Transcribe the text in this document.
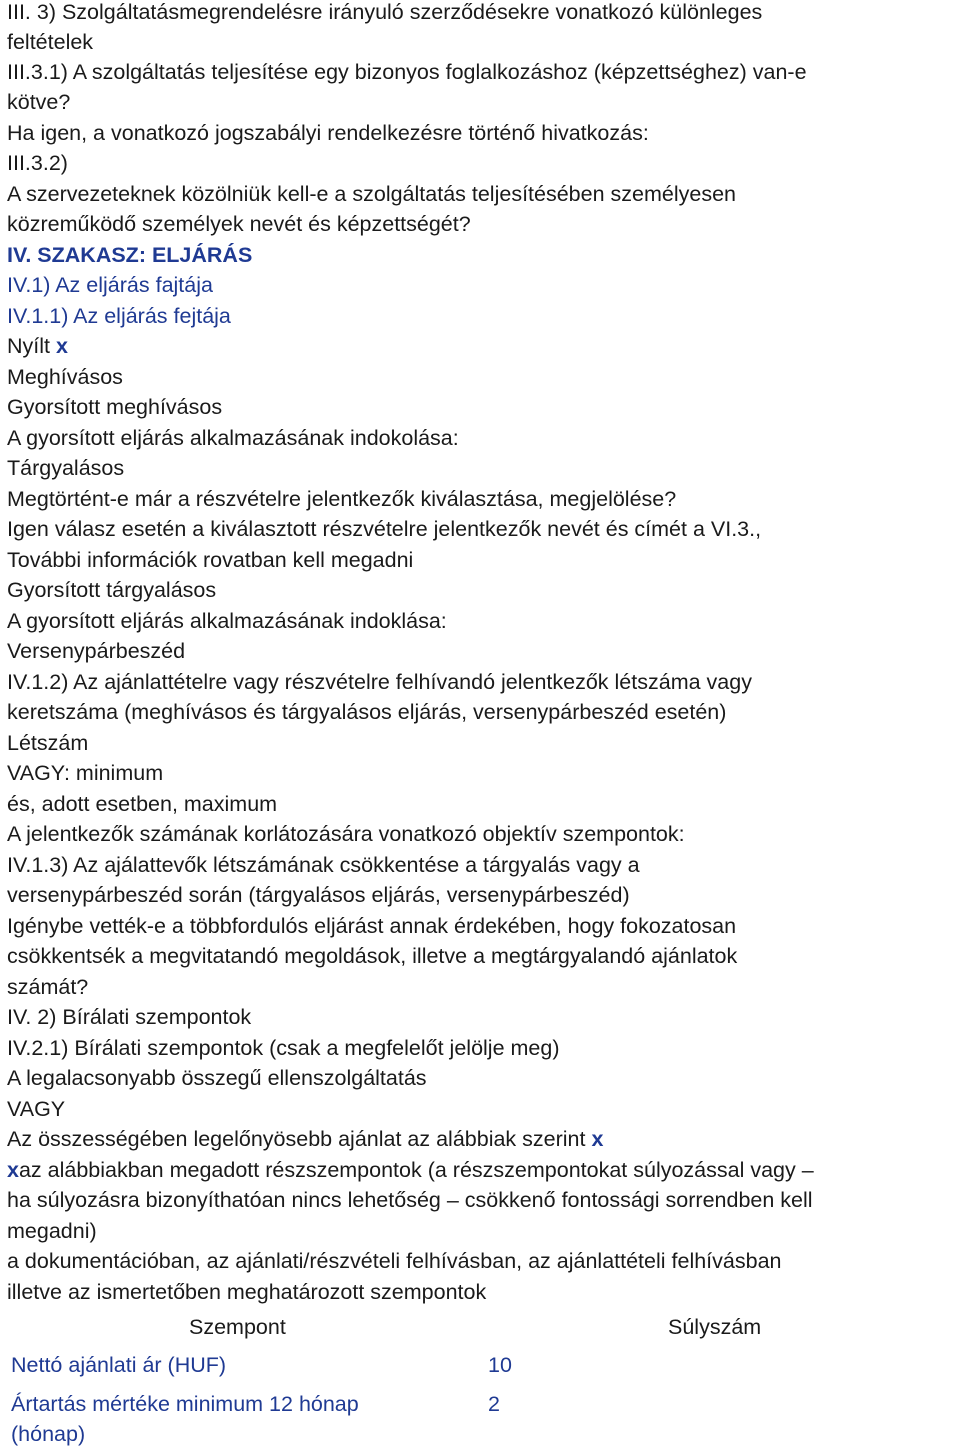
III. 3) Szolgáltatásmegrendelésre irányuló szerződésekre vonatkozó különleges
feltételek
III.3.1) A szolgáltatás teljesítése egy bizonyos foglalkozáshoz (képzettséghez) van-e
kötve?
Ha igen, a vonatkozó jogszabályi rendelkezésre történő hivatkozás:
III.3.2)
A szervezeteknek közölniük kell-e a szolgáltatás teljesítésében személyesen
közreműködő személyek nevét és képzettségét?
IV. SZAKASZ: ELJÁRÁS
IV.1) Az eljárás fajtája
IV.1.1) Az eljárás fejtája
Nyílt x
Meghívásos
Gyorsított meghívásos
A gyorsított eljárás alkalmazásának indokolása:
Tárgyalásos
Megtörtént-e már a részvételre jelentkezők kiválasztása, megjelölése?
Igen válasz esetén a kiválasztott részvételre jelentkezők nevét és címét a VI.3.,
További információk rovatban kell megadni
Gyorsított tárgyalásos
A gyorsított eljárás alkalmazásának indoklása:
Versenypárbeszéd
IV.1.2) Az ajánlattételre vagy részvételre felhívandó jelentkezők létszáma vagy
keretszáma (meghívásos és tárgyalásos eljárás, versenypárbeszéd esetén)
Létszám
VAGY: minimum
és, adott esetben, maximum
A jelentkezők számának korlátozására vonatkozó objektív szempontok:
IV.1.3) Az ajálattevők létszámának csökkentése a tárgyalás vagy a
versenypárbeszéd során (tárgyalásos eljárás, versenypárbeszéd)
Igénybe vették-e a többfordulós eljárást annak érdekében, hogy fokozatosan
csökkentsék a megvitatandó megoldások, illetve a megtárgyalandó ajánlatok
számát?
IV. 2) Bírálati szempontok
IV.2.1) Bírálati szempontok (csak a megfelelőt jelölje meg)
A legalacsonyabb összegű ellenszolgáltatás
VAGY
Az összességében legelőnyösebb ajánlat az alábbiak szerint x
xaz alábbiakban megadott részszempontok (a részszempontokat súlyozással vagy –
ha súlyozásra bizonyíthatóan nincs lehetőség – csökkenő fontossági sorrendben kell
megadni)
a dokumentációban, az ajánlati/részvételi felhívásban, az ajánlattételi felhívásban
illetve az ismertetőben meghatározott szempontok
Szempont	Súlyszám
Nettó ajánlati ár (HUF)	10
Ártartás mértéke minimum 12 hónap
(hónap)
2
